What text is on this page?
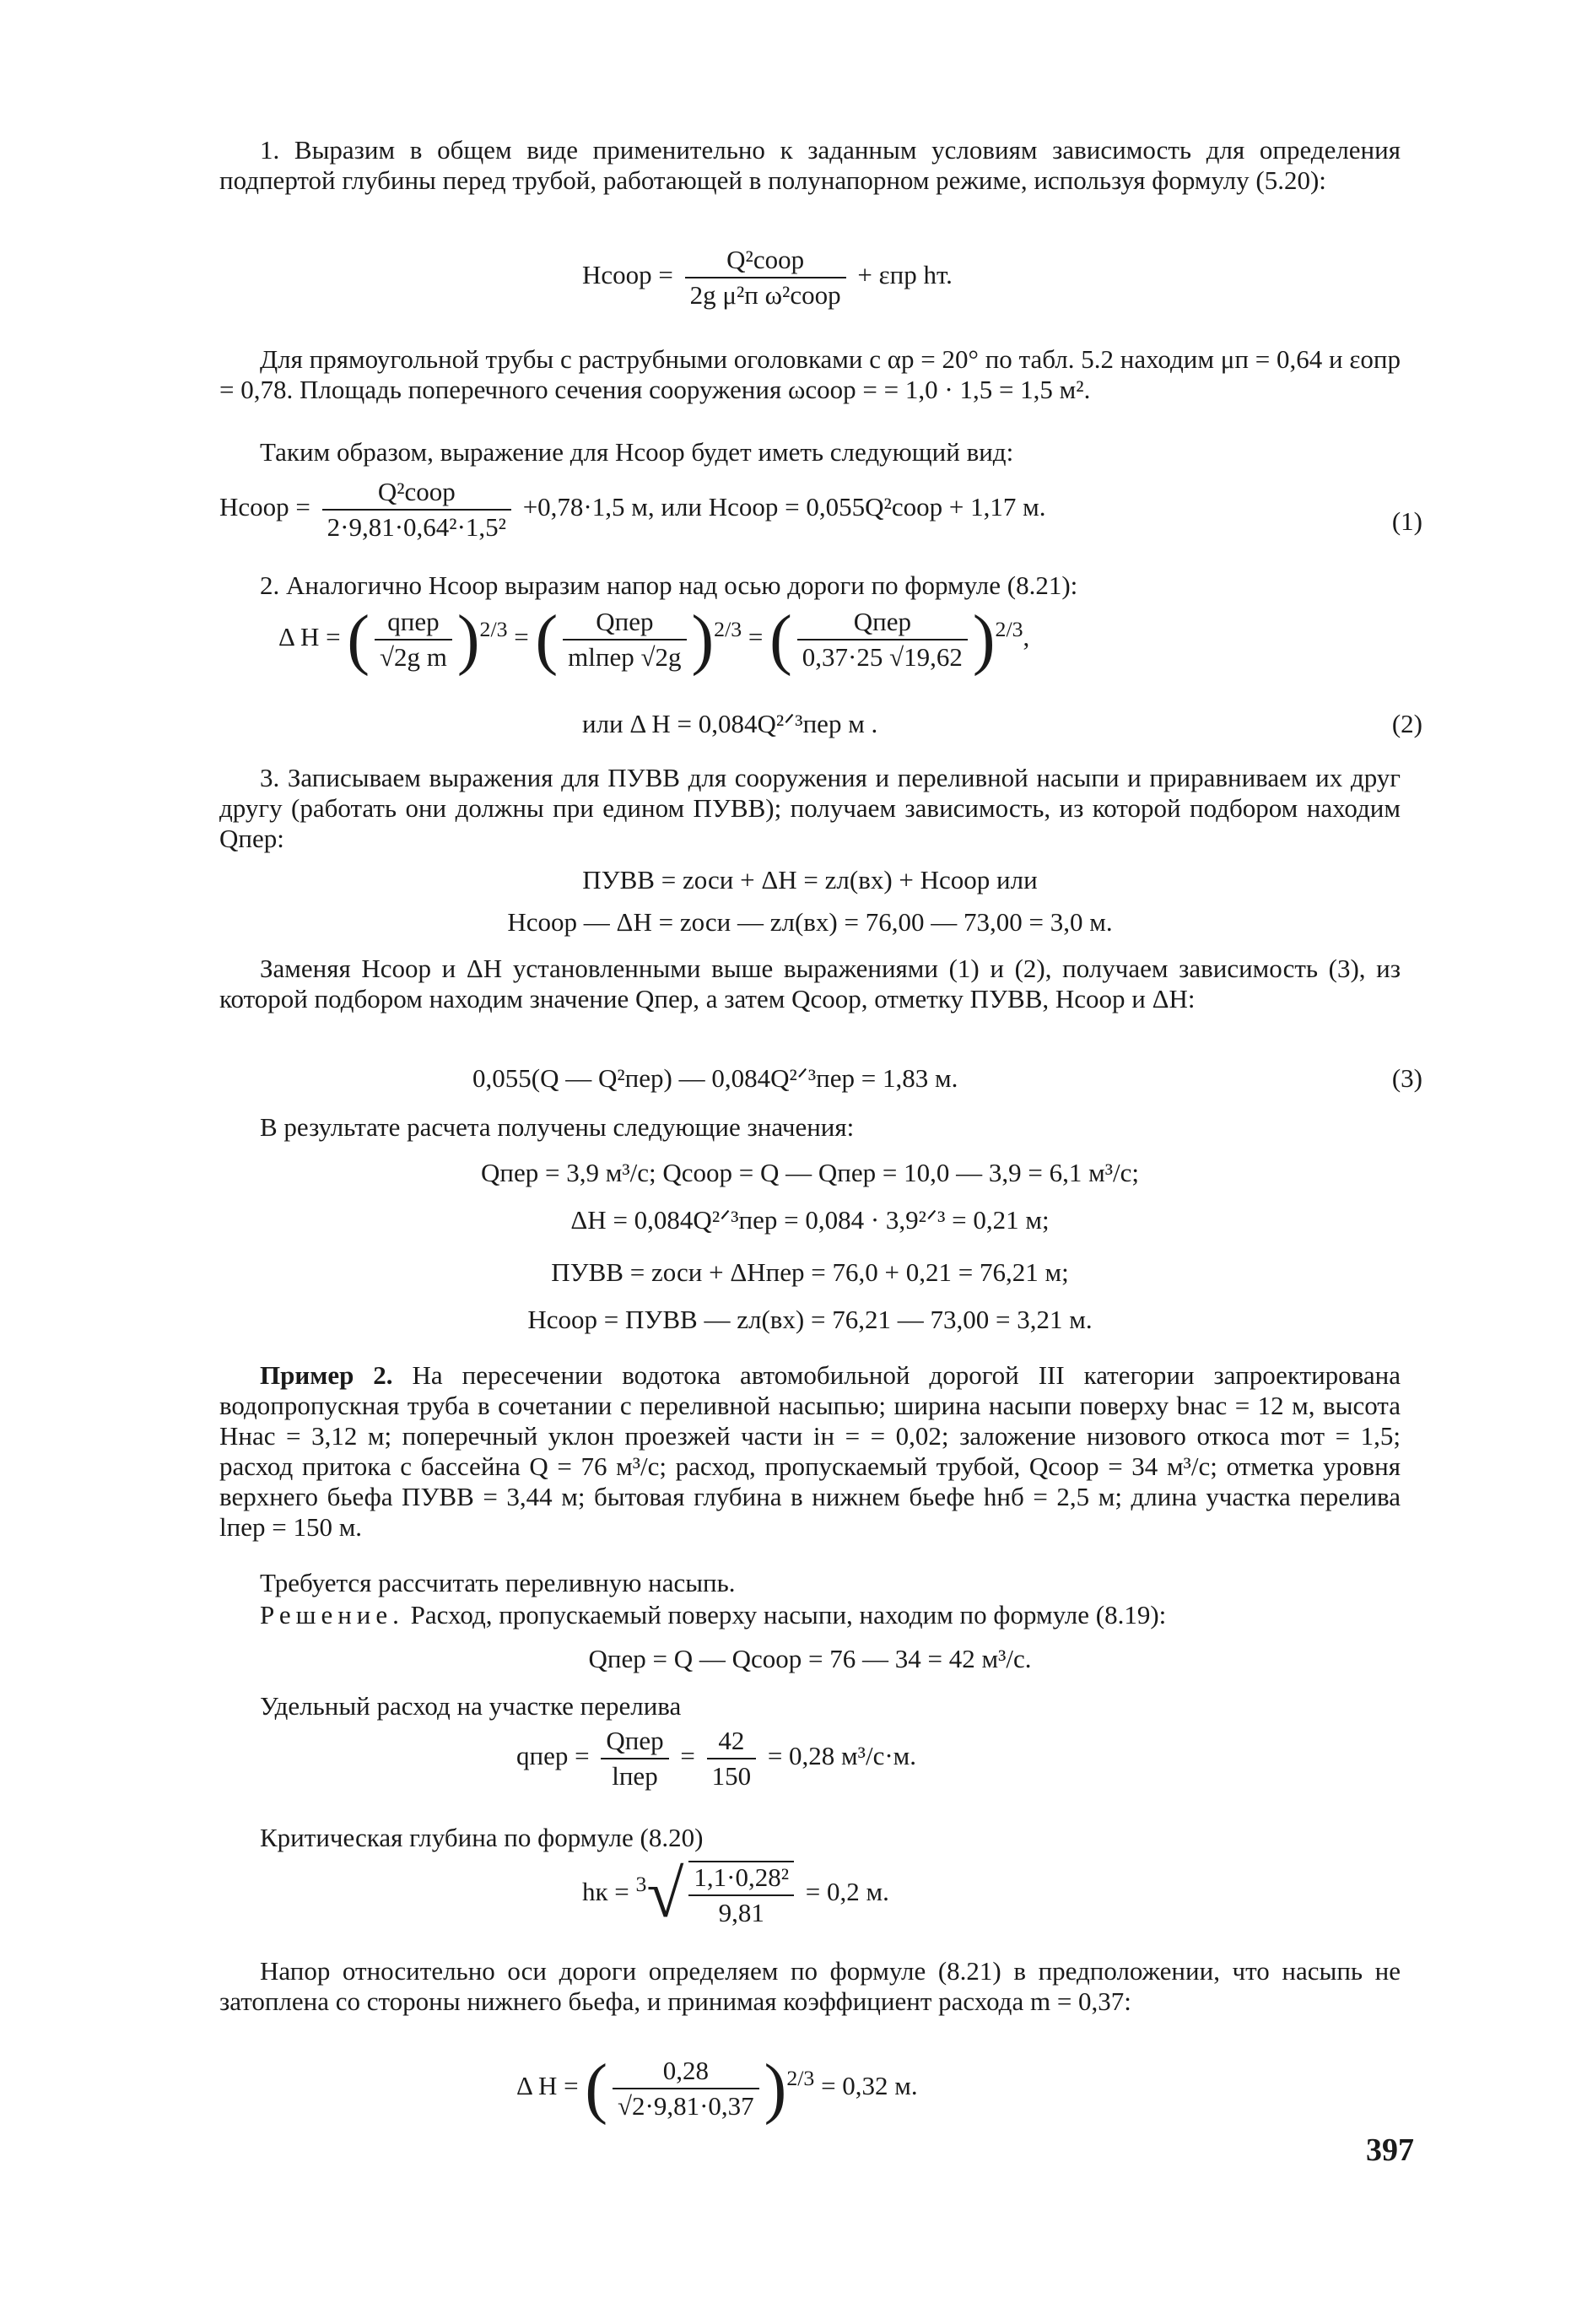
1. Выразим в общем виде применительно к заданным условиям зависимость для определения подпертой глубины перед трубой, работающей в полунапорном режиме, используя формулу (5.20):
Hсоор = $\frac{\text{Q²соор}}{\text{2g μ²п ω²соор}} + \varepsilon пр$ hт.
Для прямоугольной трубы с раструбными оголовками с αр = 20° по табл. 5.2 находим μп = 0,64 и εопр = 0,78. Площадь поперечного сечения сооружения ωсоор = = 1,0 · 1,5 = 1,5 м².
Таким образом, выражение для Hсоор будет иметь следующий вид:
Hсоор = $\frac{\text{Q²соор}}{\text{2·9,81·0,64²·1,5²}} +0,78\cdot 1,5$ м, или Hсоор = 0,055Q²соор + 1,17 м.	(1)
2. Аналогично Hсоор выразим напор над осью дороги по формуле (8.21):
Δ H = ( $\frac{\text{qпер}}{\text{√2g m}} )^{2/3}$ = ( $\frac{\text{Qпер}}{\text{mlпер √2g}} )^{2/3}$ = ( $\frac{\text{Qпер}}{0,37\cdot 25 √19,62} )^{2/3}$,
или Δ H = 0,084Q²ᐟ³пер м .	(2)
3. Записываем выражения для ПУВВ для сооружения и переливной насыпи и приравниваем их друг другу (работать они должны при едином ПУВВ); получаем зависимость, из которой подбором находим Qпер:
ПУВВ = zоси + ΔH = zл(вх) + Hсоор или
Hсоор — ΔH = zоси — zл(вх) = 76,00 — 73,00 = 3,0 м.
Заменяя Hсоор и ΔH установленными выше выражениями (1) и (2), получаем зависимость (3), из которой подбором находим значение Qпер, а затем Qсоор, отметку ПУВВ, Hсоор и ΔH:
0,055(Q — Q²пер) — 0,084Q²ᐟ³пер = 1,83 м.	(3)
В результате расчета получены следующие значения:
Qпер = 3,9 м³/с; Qсоор = Q — Qпер = 10,0 — 3,9 = 6,1 м³/с;
ΔH = 0,084Q²ᐟ³пер = 0,084 · 3,9²ᐟ³ = 0,21 м;
ПУВВ = zоси + ΔHпер = 76,0 + 0,21 = 76,21 м;
Hсоор = ПУВВ — zл(вх) = 76,21 — 73,00 = 3,21 м.
Пример 2. На пересечении водотока автомобильной дорогой III категории запроектирована водопропускная труба в сочетании с переливной насыпью; ширина насыпи поверху bнас = 12 м, высота Hнас = 3,12 м; поперечный уклон проезжей части iн = = 0,02; заложение низового откоса mот = 1,5; расход притока с бассейна Q = 76 м³/с; расход, пропускаемый трубой, Qсоор = 34 м³/с; отметка уровня верхнего бьефа ПУВВ = 3,44 м; бытовая глубина в нижнем бьефе hнб = 2,5 м; длина участка перелива lпер = 150 м.
Требуется рассчитать переливную насыпь.
Решение. Расход, пропускаемый поверху насыпи, находим по формуле (8.19):
Qпер = Q — Qсоор = 76 — 34 = 42 м³/с.
Удельный расход на участке перелива
qпер = $\frac{\text{Qпер}}{\text{lпер}} = \frac{42}{150} = 0,28$ м³/с·м.
Критическая глубина по формуле (8.20)
hк = $^3√ \frac{\text{1,1·0,28²}}{9,81} = 0,2$ м.
Напор относительно оси дороги определяем по формуле (8.21) в предположении, что насыпь не затоплена со стороны нижнего бьефа, и принимая коэффициент расхода m = 0,37:
Δ H = ( $\frac{0,28}{√2\cdot 9,81\cdot 0,37} )^{2/3} = 0,32$ м.
397
